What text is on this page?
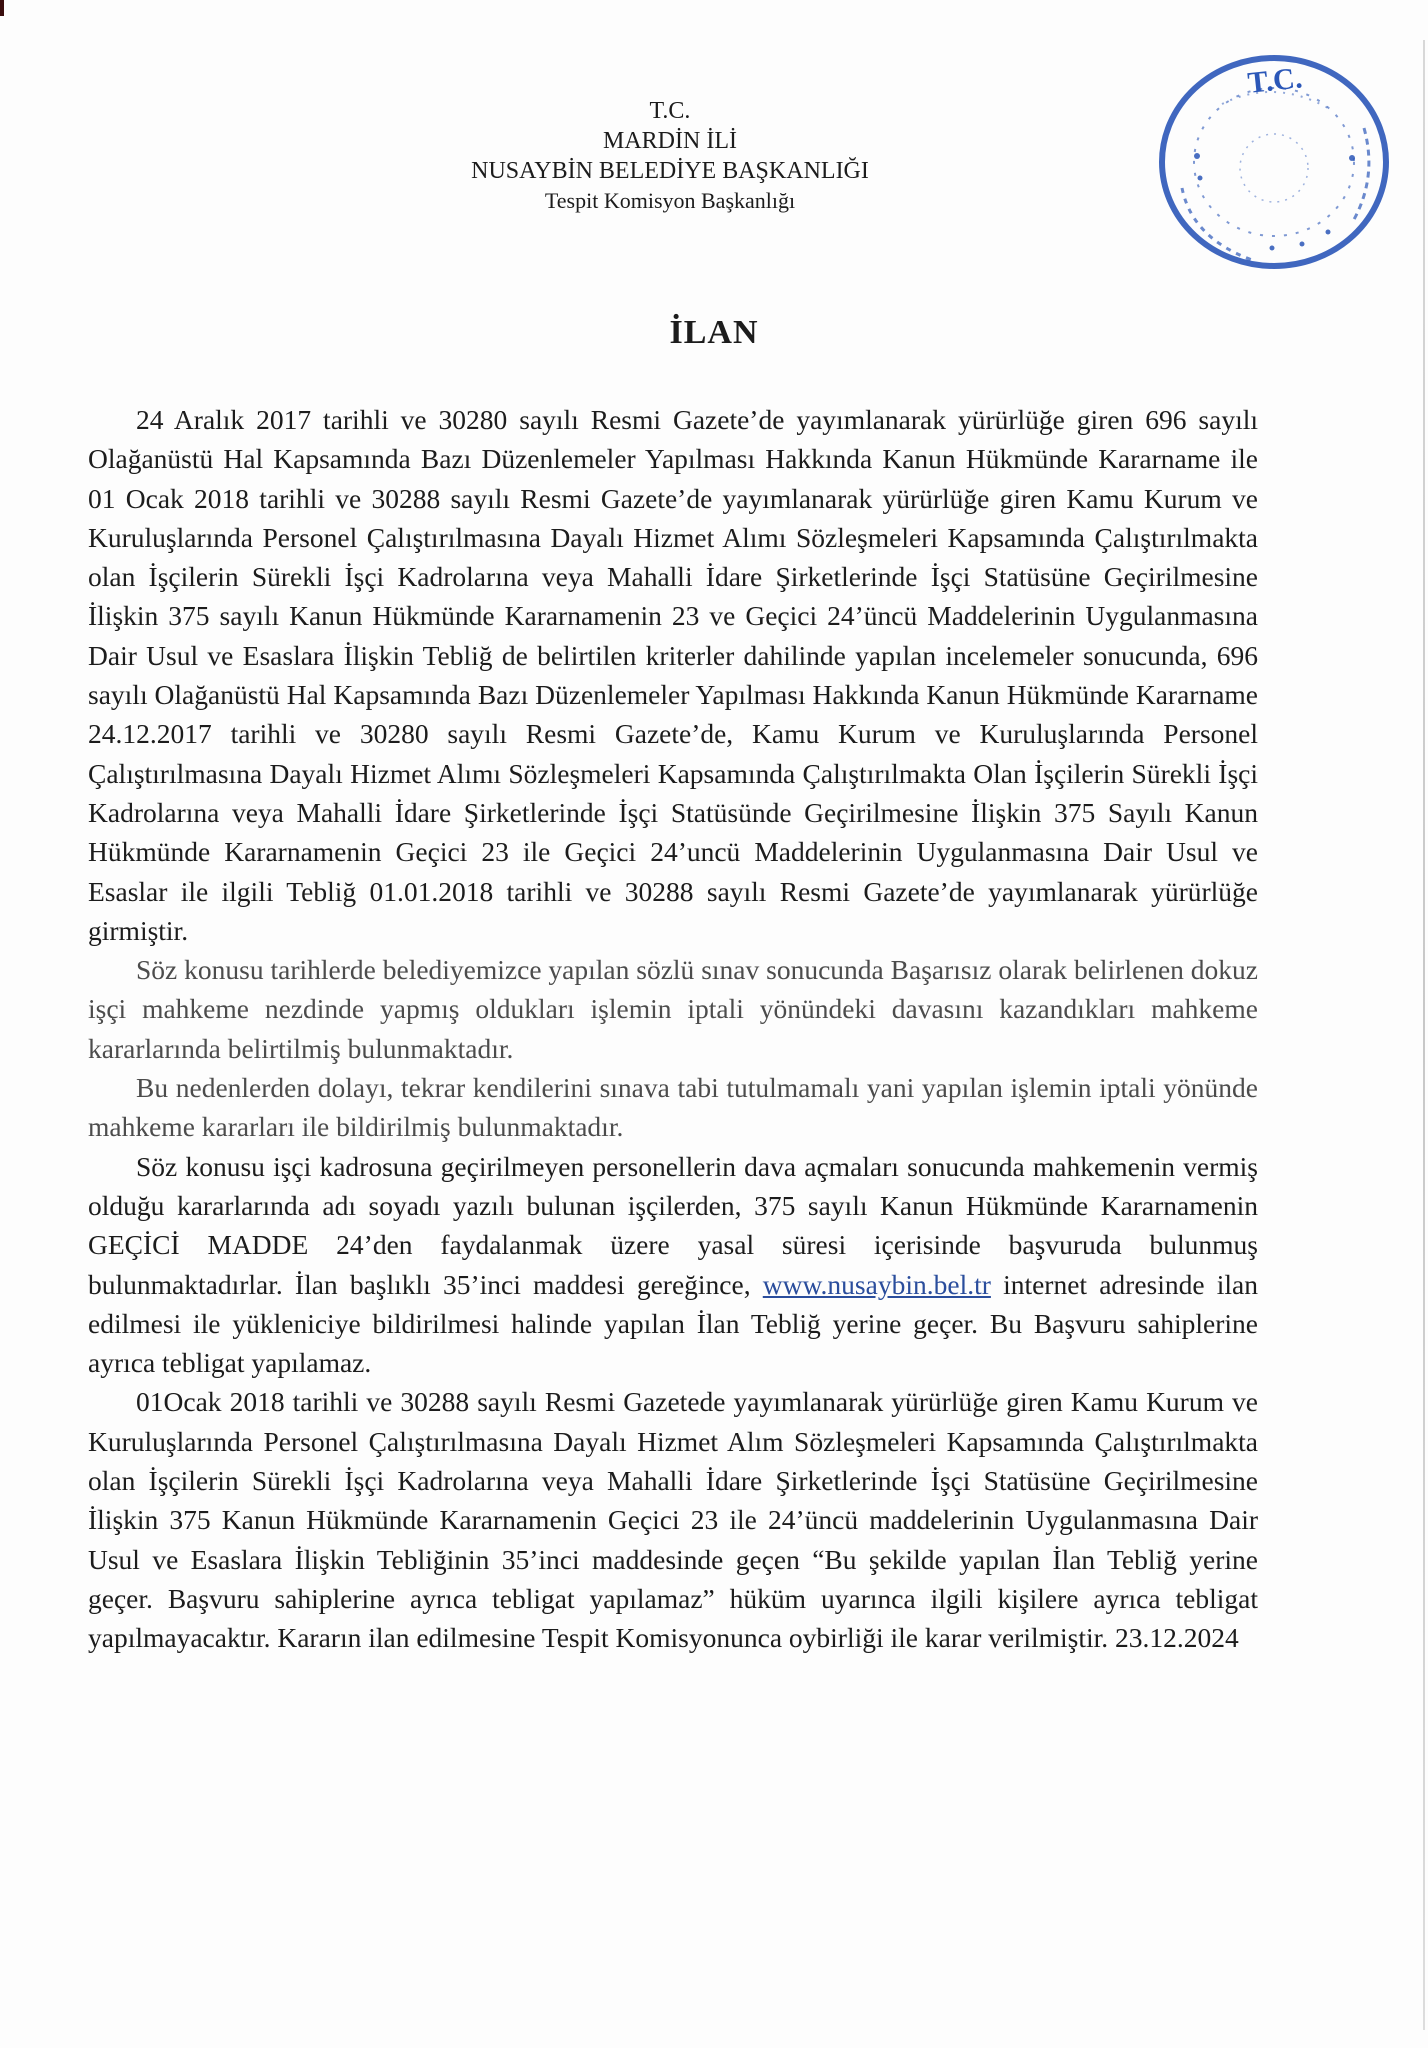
T.C.
MARDİN İLİ
NUSAYBİN BELEDİYE BAŞKANLIĞI
Tespit Komisyon Başkanlığı
T.C.
İLAN

24 Aralık 2017 tarihli ve 30280 sayılı Resmi Gazete’de yayımlanarak yürürlüğe giren 696 sayılı Olağanüstü Hal Kapsamında Bazı Düzenlemeler Yapılması Hakkında Kanun Hükmünde Kararname ile 01 Ocak 2018 tarihli ve 30288 sayılı Resmi Gazete’de yayımlanarak yürürlüğe giren Kamu Kurum ve Kuruluşlarında Personel Çalıştırılmasına Dayalı Hizmet Alımı Sözleşmeleri Kapsamında Çalıştırılmakta olan İşçilerin Sürekli İşçi Kadrolarına veya Mahalli İdare Şirketlerinde İşçi Statüsüne Geçirilmesine İlişkin 375 sayılı Kanun Hükmünde Kararnamenin 23 ve Geçici 24’üncü Maddelerinin Uygulanmasına Dair Usul ve Esaslara İlişkin Tebliğ de belirtilen kriterler dahilinde yapılan incelemeler sonucunda, 696 sayılı Olağanüstü Hal Kapsamında Bazı Düzenlemeler Yapılması Hakkında Kanun Hükmünde Kararname 24.12.2017 tarihli ve 30280 sayılı Resmi Gazete’de, Kamu Kurum ve Kuruluşlarında Personel Çalıştırılmasına Dayalı Hizmet Alımı Sözleşmeleri Kapsamında Çalıştırılmakta Olan İşçilerin Sürekli İşçi Kadrolarına veya Mahalli İdare Şirketlerinde İşçi Statüsünde Geçirilmesine İlişkin 375 Sayılı Kanun Hükmünde Kararnamenin Geçici 23 ile Geçici 24’uncü Maddelerinin Uygulanmasına Dair Usul ve Esaslar ile ilgili Tebliğ 01.01.2018 tarihli ve 30288 sayılı Resmi Gazete’de yayımlanarak yürürlüğe girmiştir.

Söz konusu tarihlerde belediyemizce yapılan sözlü sınav sonucunda Başarısız olarak belirlenen dokuz işçi mahkeme nezdinde yapmış oldukları işlemin iptali yönündeki davasını kazandıkları mahkeme kararlarında belirtilmiş bulunmaktadır.

Bu nedenlerden dolayı, tekrar kendilerini sınava tabi tutulmamalı yani yapılan işlemin iptali yönünde mahkeme kararları ile bildirilmiş bulunmaktadır.

Söz konusu işçi kadrosuna geçirilmeyen personellerin dava açmaları sonucunda mahkemenin vermiş olduğu kararlarında adı soyadı yazılı bulunan işçilerden, 375 sayılı Kanun Hükmünde Kararnamenin GEÇİCİ MADDE 24’den faydalanmak üzere yasal süresi içerisinde başvuruda bulunmuş bulunmaktadırlar. İlan başlıklı 35’inci maddesi gereğince, www.nusaybin.bel.tr internet adresinde ilan edilmesi ile yükleniciye bildirilmesi halinde yapılan İlan Tebliğ yerine geçer. Bu Başvuru sahiplerine ayrıca tebligat yapılamaz.

01Ocak 2018 tarihli ve 30288 sayılı Resmi Gazetede yayımlanarak yürürlüğe giren Kamu Kurum ve Kuruluşlarında Personel Çalıştırılmasına Dayalı Hizmet Alım Sözleşmeleri Kapsamında Çalıştırılmakta olan İşçilerin Sürekli İşçi Kadrolarına veya Mahalli İdare Şirketlerinde İşçi Statüsüne Geçirilmesine İlişkin 375 Kanun Hükmünde Kararnamenin Geçici 23 ile 24’üncü maddelerinin Uygulanmasına Dair Usul ve Esaslara İlişkin Tebliğinin 35’inci maddesinde geçen “Bu şekilde yapılan İlan Tebliğ yerine geçer. Başvuru sahiplerine ayrıca tebligat yapılamaz” hüküm uyarınca ilgili kişilere ayrıca tebligat yapılmayacaktır. Kararın ilan edilmesine Tespit Komisyonunca oybirliği ile karar verilmiştir. 23.12.2024
